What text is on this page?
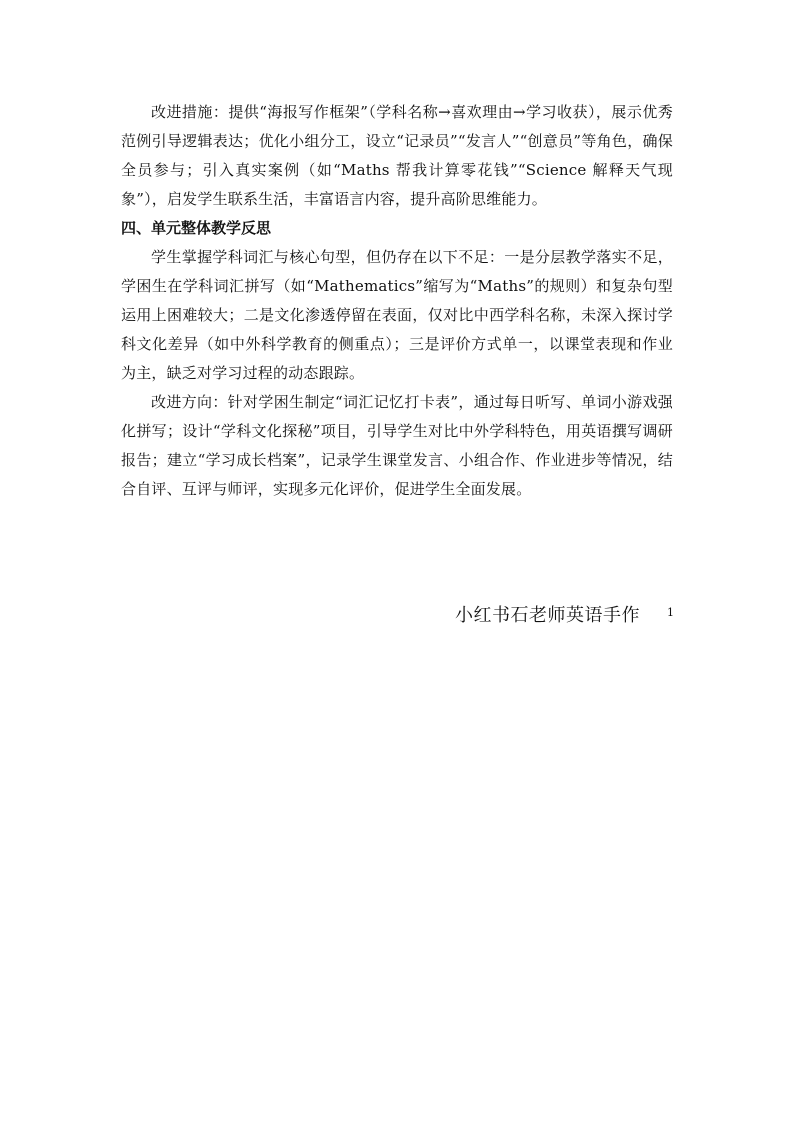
改进措施：提供“海报写作框架”（学科名称→喜欢理由→学习收获），展示优秀范例引导逻辑表达；优化小组分工，设立“记录员”“发言人”“创意员”等角色，确保全员参与；引入真实案例（如“Maths 帮我计算零花钱”“Science 解释天气现象”），启发学生联系生活，丰富语言内容，提升高阶思维能力。

四、单元整体教学反思

学生掌握学科词汇与核心句型，但仍存在以下不足：一是分层教学落实不足，学困生在学科词汇拼写（如“Mathematics”缩写为“Maths”的规则）和复杂句型运用上困难较大；二是文化渗透停留在表面，仅对比中西学科名称，未深入探讨学科文化差异（如中外科学教育的侧重点）；三是评价方式单一，以课堂表现和作业为主，缺乏对学习过程的动态跟踪。

改进方向：针对学困生制定“词汇记忆打卡表”，通过每日听写、单词小游戏强化拼写；设计“学科文化探秘”项目，引导学生对比中外学科特色，用英语撰写调研报告；建立“学习成长档案”，记录学生课堂发言、小组合作、作业进步等情况，结合自评、互评与师评，实现多元化评价，促进学生全面发展。

小红书石老师英语手作 1
